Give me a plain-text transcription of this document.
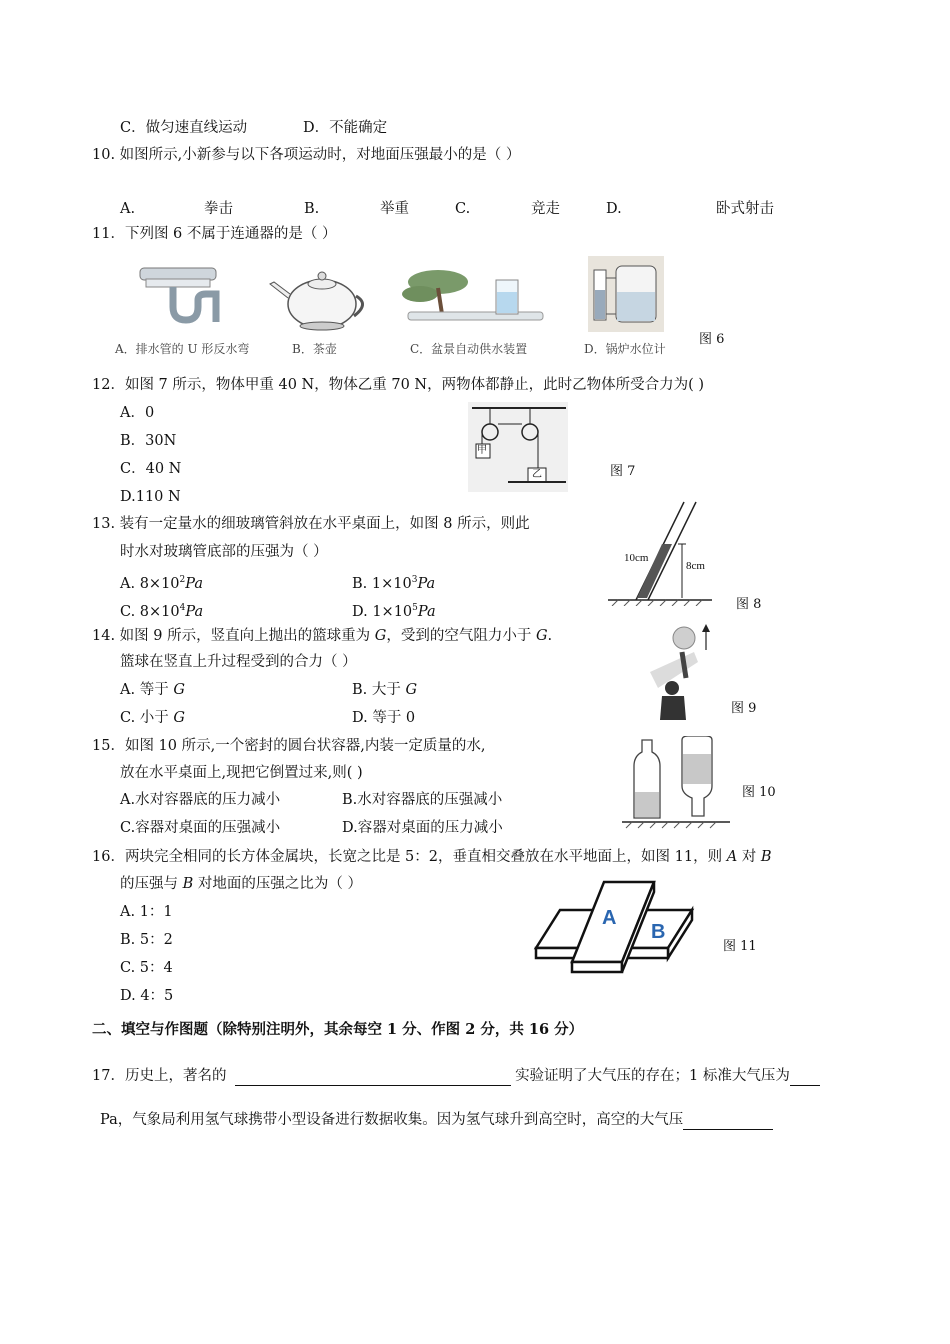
C．做匀速直线运动	D．不能确定
10. 如图所示,小新参与以下各项运动时，对地面压强最小的是（ ）
A.	拳击	B.	举重	C.	竞走	D.	卧式射击
11．下列图 6 不属于连通器的是（ ）
A．排水管的 U 形反水弯	B．茶壶	C．盆景自动供水装置	D．锅炉水位计
图 6
12．如图 7 所示，物体甲重 40 N，物体乙重 70 N，两物体都静止，此时乙物体所受合力为( )
A．0
B．30N
C．40 N
D.110 N
甲
乙	图 7
13. 装有一定量水的细玻璃管斜放在水平桌面上，如图 8 所示，则此
时水对玻璃管底部的压强为（ ）
A. $8\times 10^2Pa$	B. $1\times 10^3Pa$
C. $8\times 10^4Pa$	D. $1\times 10^5Pa$
10cm
8cm
图 8
14. 如图 9 所示，竖直向上抛出的篮球重为 G，受到的空气阻力小于 G.
篮球在竖直上升过程受到的合力（ ）
A. 等于 G	B. 大于 G
C. 小于 G	D. 等于 0
图 9
15．如图 10 所示,一个密封的圆台状容器,内装一定质量的水,
放在水平桌面上,现把它倒置过来,则( )
A.水对容器底的压力减小	B.水对容器底的压强减小
C.容器对桌面的压强减小	D.容器对桌面的压力减小
图 10
16．两块完全相同的长方体金属块，长宽之比是 5：2，垂直相交叠放在水平地面上，如图 11，则 A 对 B
的压强与 B 对地面的压强之比为（ ）
A. 1：1
B. 5：2
C. 5：4
D. 4：5
A
B
图 11
二、填空与作图题（除特别注明外，其余每空 1 分、作图 2 分，共 16 分）
17．历史上，著名的	实验证明了大气压的存在；1 标准大气压为
Pa，气象局利用氢气球携带小型设备进行数据收集。因为氢气球升到高空时，高空的大气压
